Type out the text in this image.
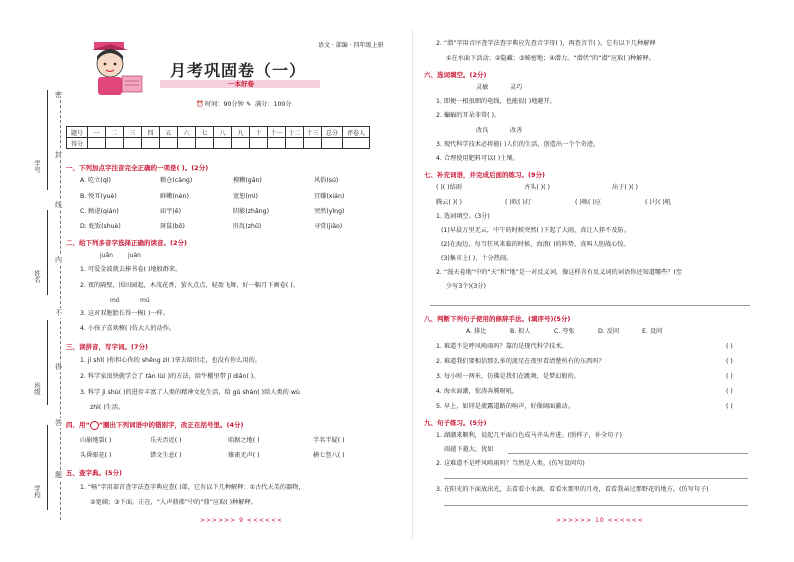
密
封
线
内
不
得
答
题
学号
姓名
班级
学校
语文 · 部编 · 四年级上册
月考巩固卷（一）
一本好卷
⏰ 时间：90分钟 ✎ 满分：100分
题号	一	二	三	四	五	六	七	八	九	十	十一	十二	十三	总分	评卷人
得分															
一、下列加点字注音完全正确的一项是( )。(2分)
A. 吃立(qì)	粮仓(cāng)	模糊(gān)	风俗(sú)
B. 悦耳(yuè)	鲜嫩(nèn)	宽恕(mì)	宜嫌(xián)
C. 顾虑(qián)	庙宇(ē)	阴影(zhǎng)	突然(yǐng)
D. 蛇饭(shuè)	斑鼠(bō)	肝乱(zhǔ)	寻赏(jiǎo)
二、给下列多音字选择正确的读音。(2分)
juǎn	juàn
1. 可爱金波就去捧书卷( )地般群来。
2. 夜的隔壁，围田园起，木茂花香，萤火点点，轻盈飞舞，好一幅月下画卷( )。
mó	mú
3. 这对双胞胎长得一模( )一样。
4. 小孩子喜欢模( )仿大人的动作。
三、读拼音，写字词。(7分)
1. jí shǐ( )你担心你的 shēng zì( )拿去给旧走，也没有你么用的。
2. 科学家很快就学会了 tàn lù( )的方法，给牛棚里带 jǐ diǎn( )。
3. 科学 jì shù( )的进步丰富了人类的精神文化生活，给 gǔ shàn( )给人类的 wù
zhì( )生活。
四、用“○”圈出下列词语中的错别字，改正在括号里。(4分)
山崩地裂( )	乐天否近( )	咱据之地( )	半名半疑( )
头昏眼花( )	错文生息( )	雅雀无声( )	横七竖八( )
五、查字典。(5分)
1. “畅”字用部首查字法查字典应查( )部，它有以下几种解释：①古代天美的器物，
②宽阔；③下面，正在，“人声鼎沸”中的“鼎”应取( )种解释。
>>>>>> 9 <<<<<<
2. “潜”字用音序查字法查字典应先查音字母( )，再查音节( )。它有以下几种解释
①在水面下活动；②隐藏；③秘密地；④潜力。“潜伏”的“潜”应取( )种解释。
六、选词填空。(2分)
灵敏	灵巧
1. 即便一根很细的电线，也能很( )地避开。
2. 蝙蝠的耳朵非常( )。
改良	改善
3. 现代科学技术必将能( )人们的生活，创造出一个个奇迹。
4. 合理使用肥料可以( )土壤。
七、补充词语，并完成后面的练习。(9分)
( )( )结雨	齐头( )( )	出于( )( )
腾云( )( )	( )吹( )打	( )唤( )应	( )号( )吼
1. 选词填空。(3分)
(1)早晨万里无云，中午的时候突然( )下起了大雨，真让人猝不及防。
(2)在海边，每当狂风来临的时候，海浪( )的阵势，真叫人胆战心惊。
(3)集市上( )，十分热闹。
2. “漫天卷地”中的“天”和“地”是一对反义词，像这样含有反义词的词语你还知道哪些？(至
少写3个)(3分)
八、判断下列句子使用的修辞手法。(填序号)(5分)
A. 排比	B. 拟人	C. 夸张	D. 反问	E. 设问
1. 难道不是呼风唤雨吗？靠的是现代科学技术。	( )
2. 难道我们要相信那么多的流星在夜里看清楚所有的东西吗？	( )
3. 每小时一两米，仿佛是我们在跳舞，是梦幻般的。	( )
4. 海水面潮，惊涛奔腾呀吼。	( )
5. 早上，如同是流露道路的响声，好像阔面激动。	( )
九、句子练习。(5分)
1. 湖潮来顺利，说起几平面白色成马齐头并进。(照样子，补全句子)
雨越下越大，犹如
2. 这难道不是呼风唤雨吗？当然是人类。(仿写设问句)
3. 在阳光的下面放出光，去看看小水滴，看看水那里的月亮，看看我亲过那野花的地方。(仿写句子)
>>>>>> 10 <<<<<<
